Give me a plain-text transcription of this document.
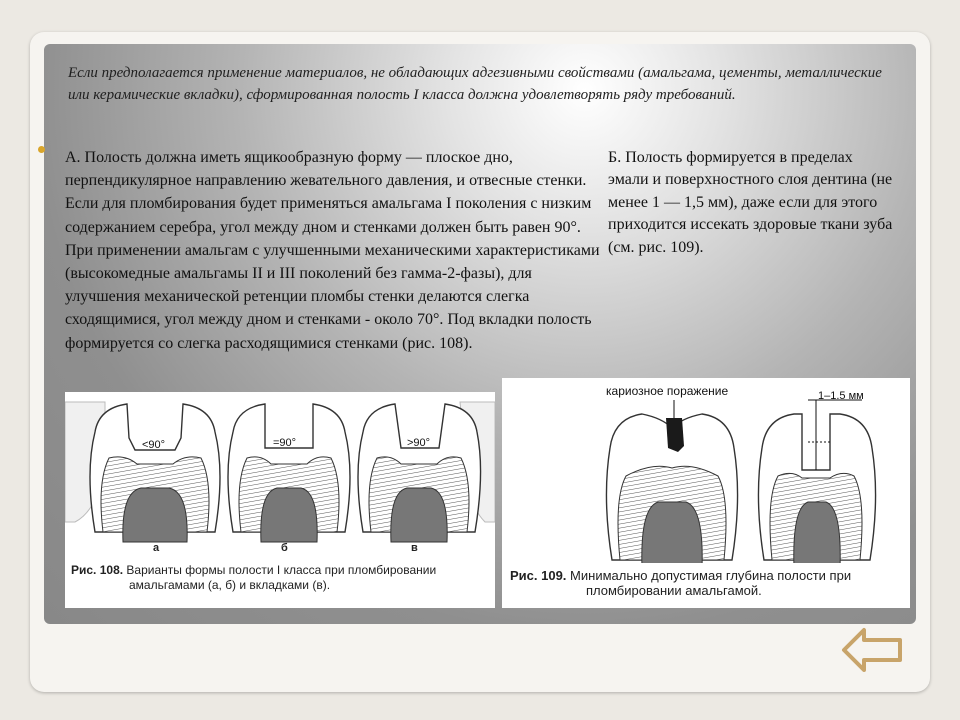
Если предполагается применение материалов, не обладающих адгезивными свойствами (амальгама, цементы, металлические или керамические вкладки), сформированная полость I класса должна удовлетворять ряду требований.

А. Полость должна иметь ящикообразную форму — плоское дно, перпендикулярное направлению жевательного давления, и отвесные стенки. Если для пломбирования будет применяться амальгама I поколения с низким содержанием серебра, угол между дном и стенками должен быть равен 90°. При применении амальгам с улучшенными механическими характеристиками (высокомедные амальгамы II и III поколений без гамма-2-фазы), для улучшения механической ретенции пломбы стенки делаются слегка сходящимися, угол между дном и стенками - около 70°. Под вкладки полость формируется со слегка расходящимися стенками (рис. 108).

Б. Полость формируется в пределах эмали и поверхностного слоя дентина (не менее 1 — 1,5 мм), даже если для этого приходится иссекать здоровые ткани зуба (см. рис. 109).

<90°	=90°	>90°
а	б	в

Рис. 108. Варианты формы полости I класса при пломбировании
амальгамами (а, б) и вкладками (в).

кариозное поражение	1–1.5 мм

Рис. 109. Минимально допустимая глубина полости при
пломбировании амальгамой.
